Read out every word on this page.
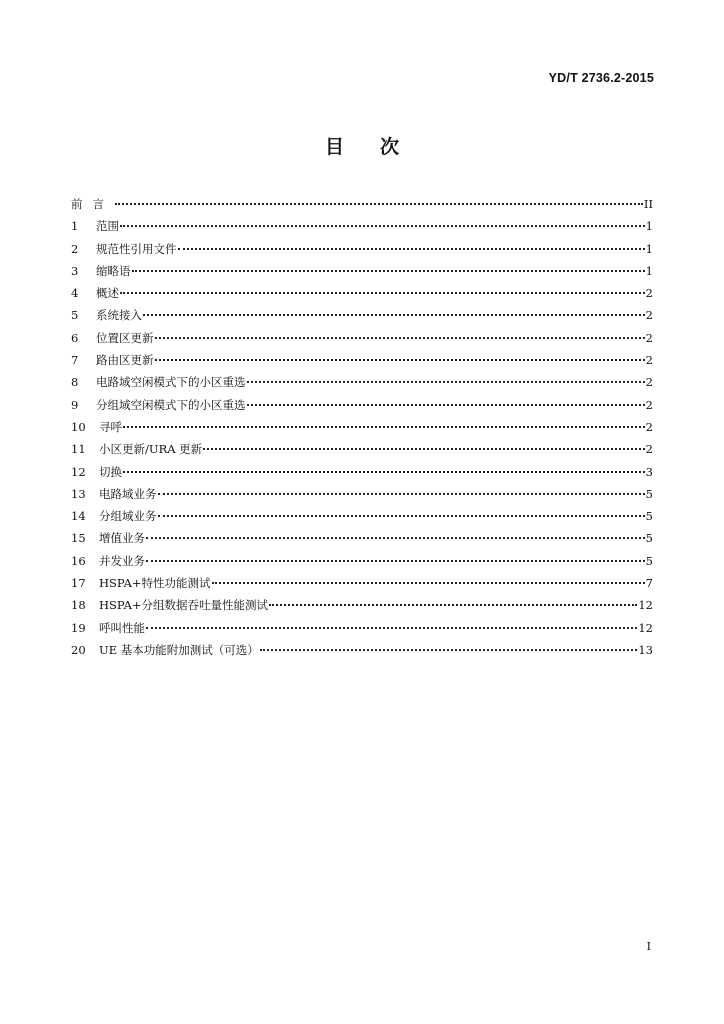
YD/T 2736.2-2015
目次
前言	II
1	范围	1
2	规范性引用文件	1
3	缩略语	1
4	概述	2
5	系统接入	2
6	位置区更新	2
7	路由区更新	2
8	电路域空闲模式下的小区重选	2
9	分组域空闲模式下的小区重选	2
10	寻呼	2
11	小区更新/URA 更新	2
12	切换	3
13	电路域业务	5
14	分组域业务	5
15	增值业务	5
16	并发业务	5
17	HSPA+特性功能测试	7
18	HSPA+分组数据吞吐量性能测试	12
19	呼叫性能	12
20	UE 基本功能附加测试（可选）	13
I
